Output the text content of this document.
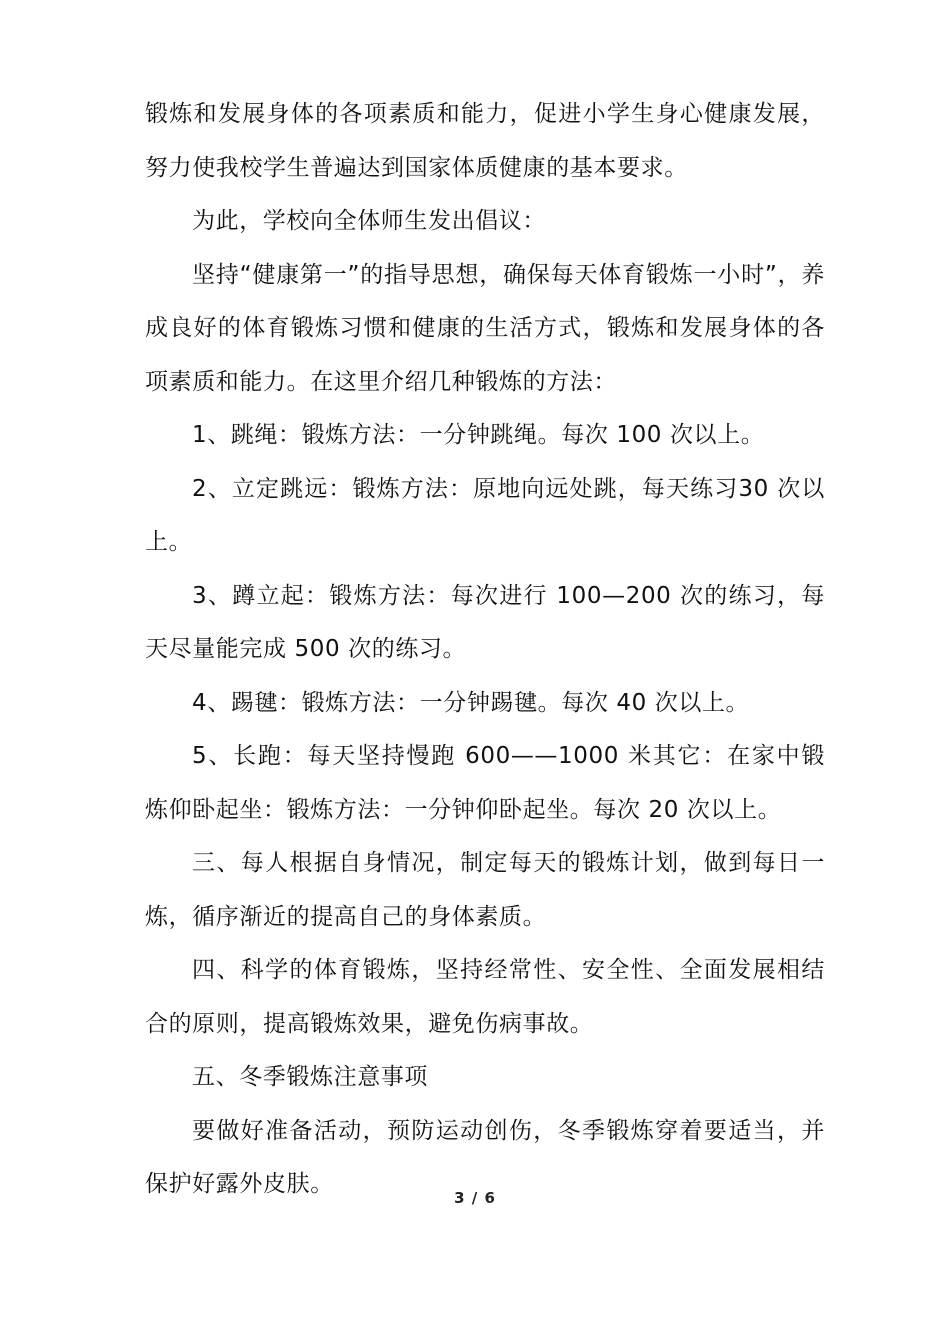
锻炼和发展身体的各项素质和能力，促进小学生身心健康发展，努力使我校学生普遍达到国家体质健康的基本要求。

为此，学校向全体师生发出倡议：

坚持“健康第一”的指导思想，确保每天体育锻炼一小时”，养成良好的体育锻炼习惯和健康的生活方式，锻炼和发展身体的各项素质和能力。在这里介绍几种锻炼的方法：

1、跳绳：锻炼方法：一分钟跳绳。每次 100 次以上。

2、立定跳远：锻炼方法：原地向远处跳，每天练习30 次以上。

3、蹲立起：锻炼方法：每次进行 100—200 次的练习，每天尽量能完成 500 次的练习。

4、踢毽：锻炼方法：一分钟踢毽。每次 40 次以上。

5、长跑：每天坚持慢跑 600——1000 米其它：在家中锻炼仰卧起坐：锻炼方法：一分钟仰卧起坐。每次 20 次以上。

三、每人根据自身情况，制定每天的锻炼计划，做到每日一炼，循序渐近的提高自己的身体素质。

四、科学的体育锻炼，坚持经常性、安全性、全面发展相结合的原则，提高锻炼效果，避免伤病事故。

五、冬季锻炼注意事项

要做好准备活动，预防运动创伤，冬季锻炼穿着要适当，并保护好露外皮肤。

3 / 6
